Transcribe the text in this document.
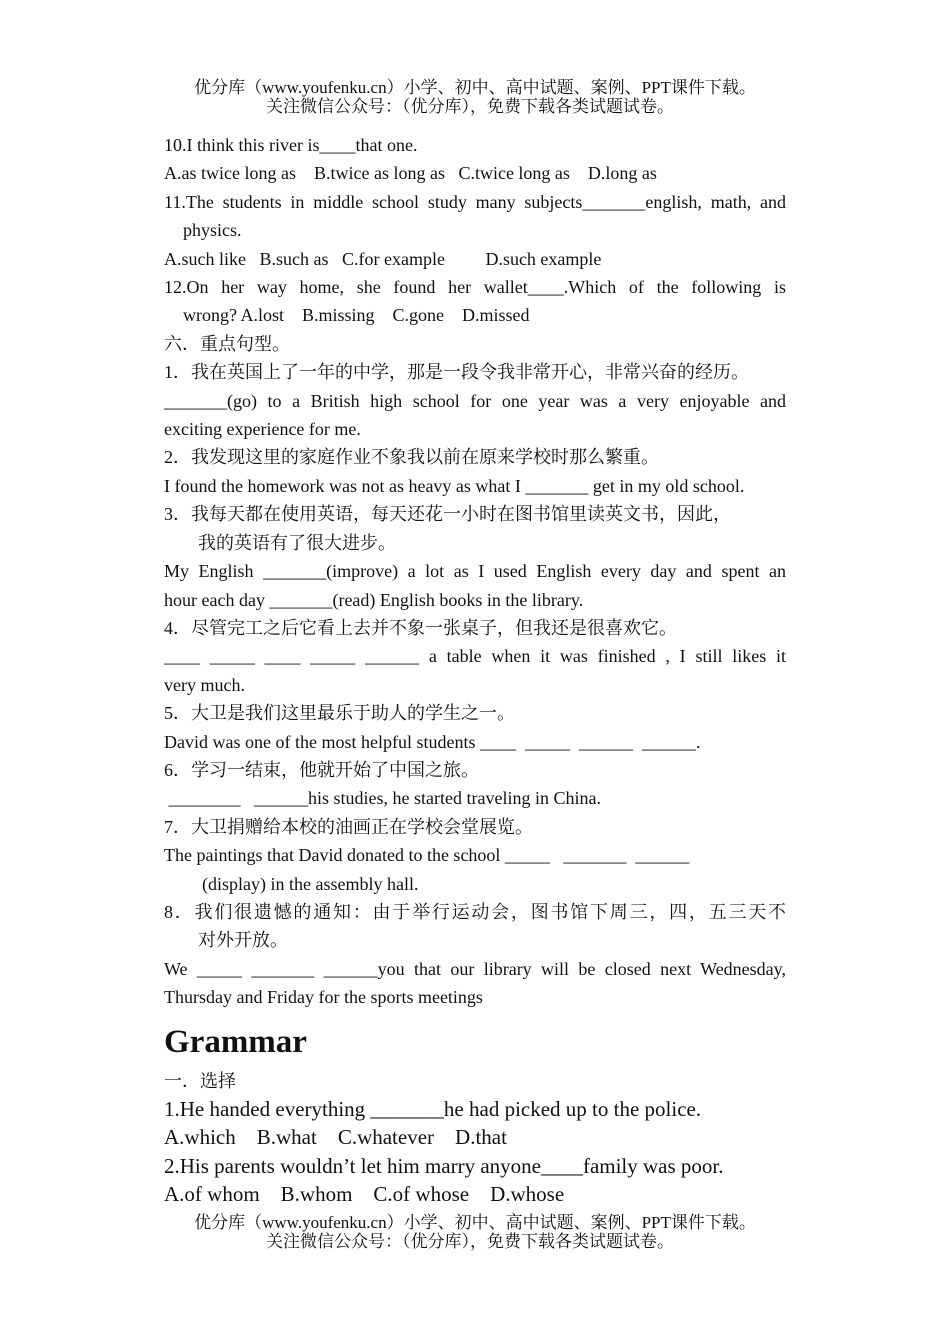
优分库（www.youfenku.cn）小学、初中、高中试题、案例、PPT课件下载。
关注微信公众号：（优分库），免费下载各类试题试卷。
10.I think this river is____that one.
A.as twice long as    B.twice as long as   C.twice long as    D.long as
11.The students in middle school study many subjects_______english, math, and
physics.
A.such like   B.such as   C.for example         D.such example
12.On her way home, she found her wallet____.Which of the following is
wrong? A.lost    B.missing    C.gone    D.missed
六．重点句型。
1．我在英国上了一年的中学，那是一段令我非常开心，非常兴奋的经历。
_______(go) to a British high school for one year was a very enjoyable and
exciting experience for me.
2．我发现这里的家庭作业不象我以前在原来学校时那么繁重。
I found the homework was not as heavy as what I _______ get in my old school.
3．我每天都在使用英语，每天还花一小时在图书馆里读英文书，因此，
我的英语有了很大进步。
My English _______(improve) a lot as I used English every day and spent an
hour each day _______(read) English books in the library.
4．尽管完工之后它看上去并不象一张桌子，但我还是很喜欢它。
____ _____ ____ _____ ______ a table when it was finished , I still likes it
very much.
5．大卫是我们这里最乐于助人的学生之一。
David was one of the most helpful students ____  _____  ______  ______.
6．学习一结束，他就开始了中国之旅。
________   ______his studies, he started traveling in China.
7．大卫捐赠给本校的油画正在学校会堂展览。
The paintings that David donated to the school _____   _______  ______
(display) in the assembly hall.
8．我们很遗憾的通知：由于举行运动会，图书馆下周三，四，五三天不
对外开放。
We _____ _______ ______you that our library will be closed next Wednesday,
Thursday and Friday for the sports meetings
Grammar
一．选择
1.He handed everything _______he had picked up to the police.
A.which    B.what    C.whatever    D.that
2.His parents wouldn’t let him marry anyone____family was poor.
A.of whom    B.whom    C.of whose    D.whose
优分库（www.youfenku.cn）小学、初中、高中试题、案例、PPT课件下载。
关注微信公众号：（优分库），免费下载各类试题试卷。
